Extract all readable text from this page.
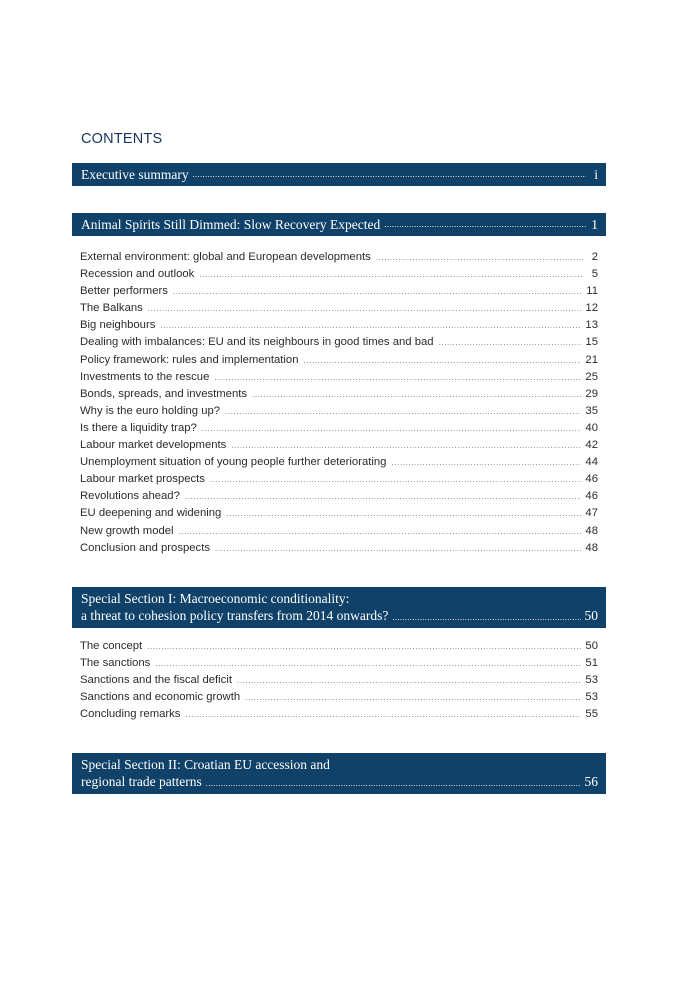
CONTENTS
Executive summary .....	i
Animal Spirits Still Dimmed: Slow Recovery Expected .....	1
External environment: global and European developments .....	2
Recession and outlook .....	5
Better performers .....	11
The Balkans .....	12
Big neighbours .....	13
Dealing with imbalances: EU and its neighbours in good times and bad .....	15
Policy framework: rules and implementation .....	21
Investments to the rescue .....	25
Bonds, spreads, and investments .....	29
Why is the euro holding up? .....	35
Is there a liquidity trap? .....	40
Labour market developments .....	42
Unemployment situation of young people further deteriorating .....	44
Labour market prospects .....	46
Revolutions ahead? .....	46
EU deepening and widening .....	47
New growth model .....	48
Conclusion and prospects .....	48
Special Section I: Macroeconomic conditionality:
a threat to cohesion policy transfers from 2014 onwards? .....	50
The concept .....	50
The sanctions .....	51
Sanctions and the fiscal deficit .....	53
Sanctions and economic growth .....	53
Concluding remarks .....	55
Special Section II: Croatian EU accession and
regional trade patterns .....	56
